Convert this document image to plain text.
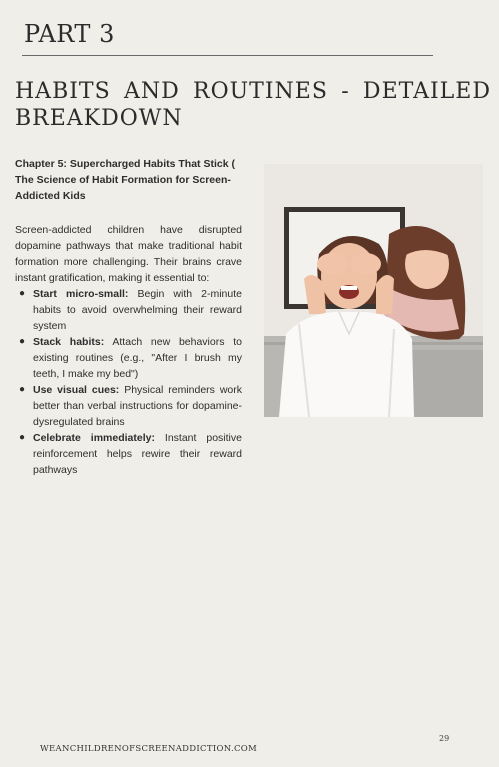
PART 3
HABITS AND ROUTINES - DETAILED BREAKDOWN

Chapter 5: Supercharged Habits That Stick ( The Science of Habit Formation for Screen-Addicted Kids

Screen-addicted children have disrupted dopamine pathways that make traditional habit formation more challenging. Their brains crave instant gratification, making it essential to:

● Start micro-small: Begin with 2-minute habits to avoid overwhelming their reward system
● Stack habits: Attach new behaviors to existing routines (e.g., "After I brush my teeth, I make my bed")
● Use visual cues: Physical reminders work better than verbal instructions for dopamine-dysregulated brains
● Celebrate immediately: Instant positive reinforcement helps rewire their reward pathways
29
WEANCHILDRENOFSCREENADDICTION.COM
